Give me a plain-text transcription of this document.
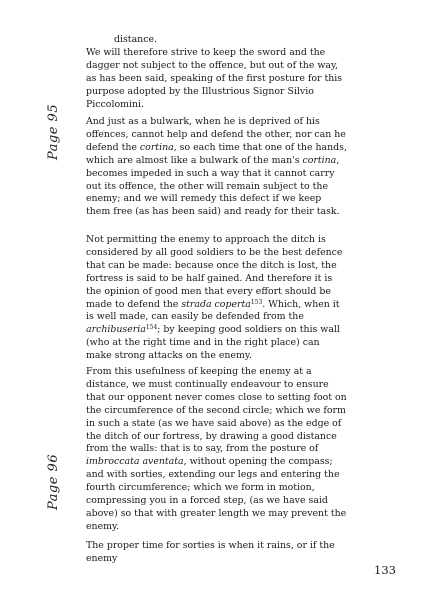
Page 95
Page 96

distance.

We will therefore strive to keep the sword and the dagger not subject to the offence, but out of the way, as has been said, speaking of the first posture for this purpose adopted by the Illustrious Signor Silvio Piccolomini.

And just as a bulwark, when he is deprived of his offences, cannot help and defend the other, nor can he defend the cortina, so each time that one of the hands, which are almost like a bulwark of the man's cortina, becomes impeded in such a way that it cannot carry out its offence, the other will remain subject to the enemy; and we will remedy this defect if we keep them free (as has been said) and ready for their task.

Not permitting the enemy to approach the ditch is considered by all good soldiers to be the best defence that can be made: because once the ditch is lost, the fortress is said to be half gained. And therefore it is the opinion of good men that every effort should be made to defend the strada coperta$^{153}$. Which, when it is well made, can easily be defended from the archibuseria$^{154}$; by keeping good soldiers on this wall (who at the right time and in the right place) can make strong attacks on the enemy.

From this usefulness of keeping the enemy at a distance, we must continually endeavour to ensure that our opponent never comes close to setting foot on the circumference of the second circle; which we form in such a state (as we have said above) as the edge of the ditch of our fortress, by drawing a good distance from the walls: that is to say, from the posture of imbroccata aventata, without opening the compass; and with sorties, extending our legs and entering the fourth circumference; which we form in motion, compressing you in a forced step, (as we have said above) so that with greater length we may prevent the enemy.

The proper time for sorties is when it rains, or if the enemy

133
